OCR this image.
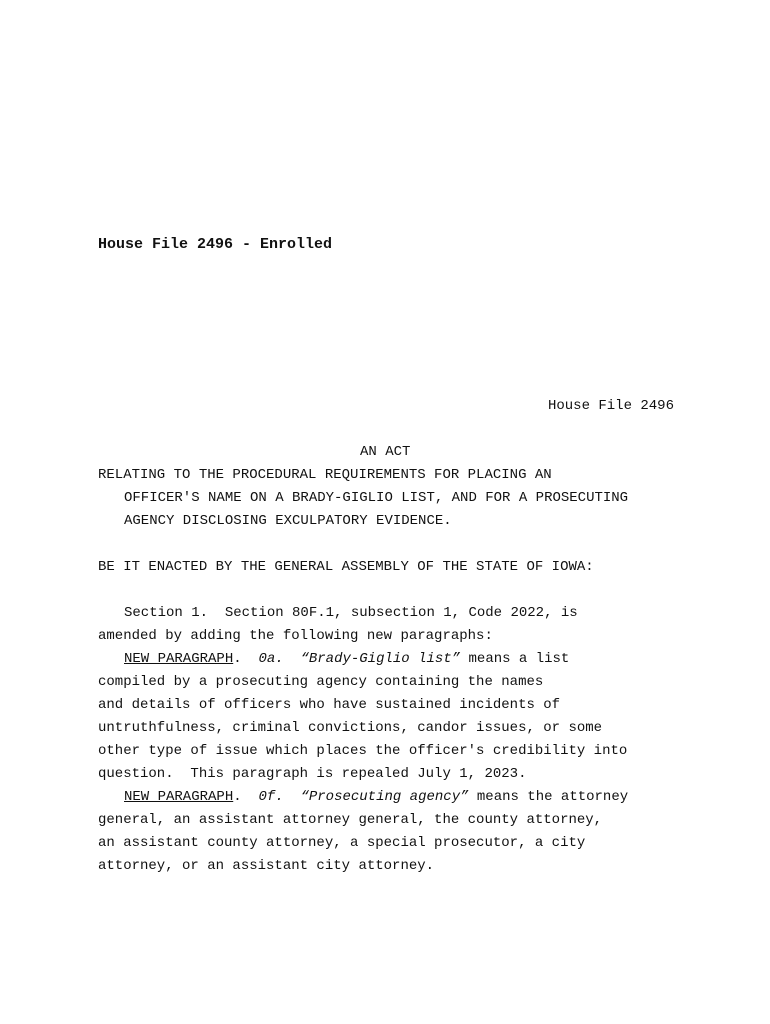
House File 2496 - Enrolled
House File 2496
AN ACT
RELATING TO THE PROCEDURAL REQUIREMENTS FOR PLACING AN
OFFICER'S NAME ON A BRADY-GIGLIO LIST, AND FOR A PROSECUTING
AGENCY DISCLOSING EXCULPATORY EVIDENCE.
BE IT ENACTED BY THE GENERAL ASSEMBLY OF THE STATE OF IOWA:
Section 1.  Section 80F.1, subsection 1, Code 2022, is
amended by adding the following new paragraphs:
NEW PARAGRAPH. 0a. “Brady-Giglio list” means a list
compiled by a prosecuting agency containing the names
and details of officers who have sustained incidents of
untruthfulness, criminal convictions, candor issues, or some
other type of issue which places the officer's credibility into
question.  This paragraph is repealed July 1, 2023.
NEW PARAGRAPH. 0f. “Prosecuting agency” means the attorney
general, an assistant attorney general, the county attorney,
an assistant county attorney, a special prosecutor, a city
attorney, or an assistant city attorney.
